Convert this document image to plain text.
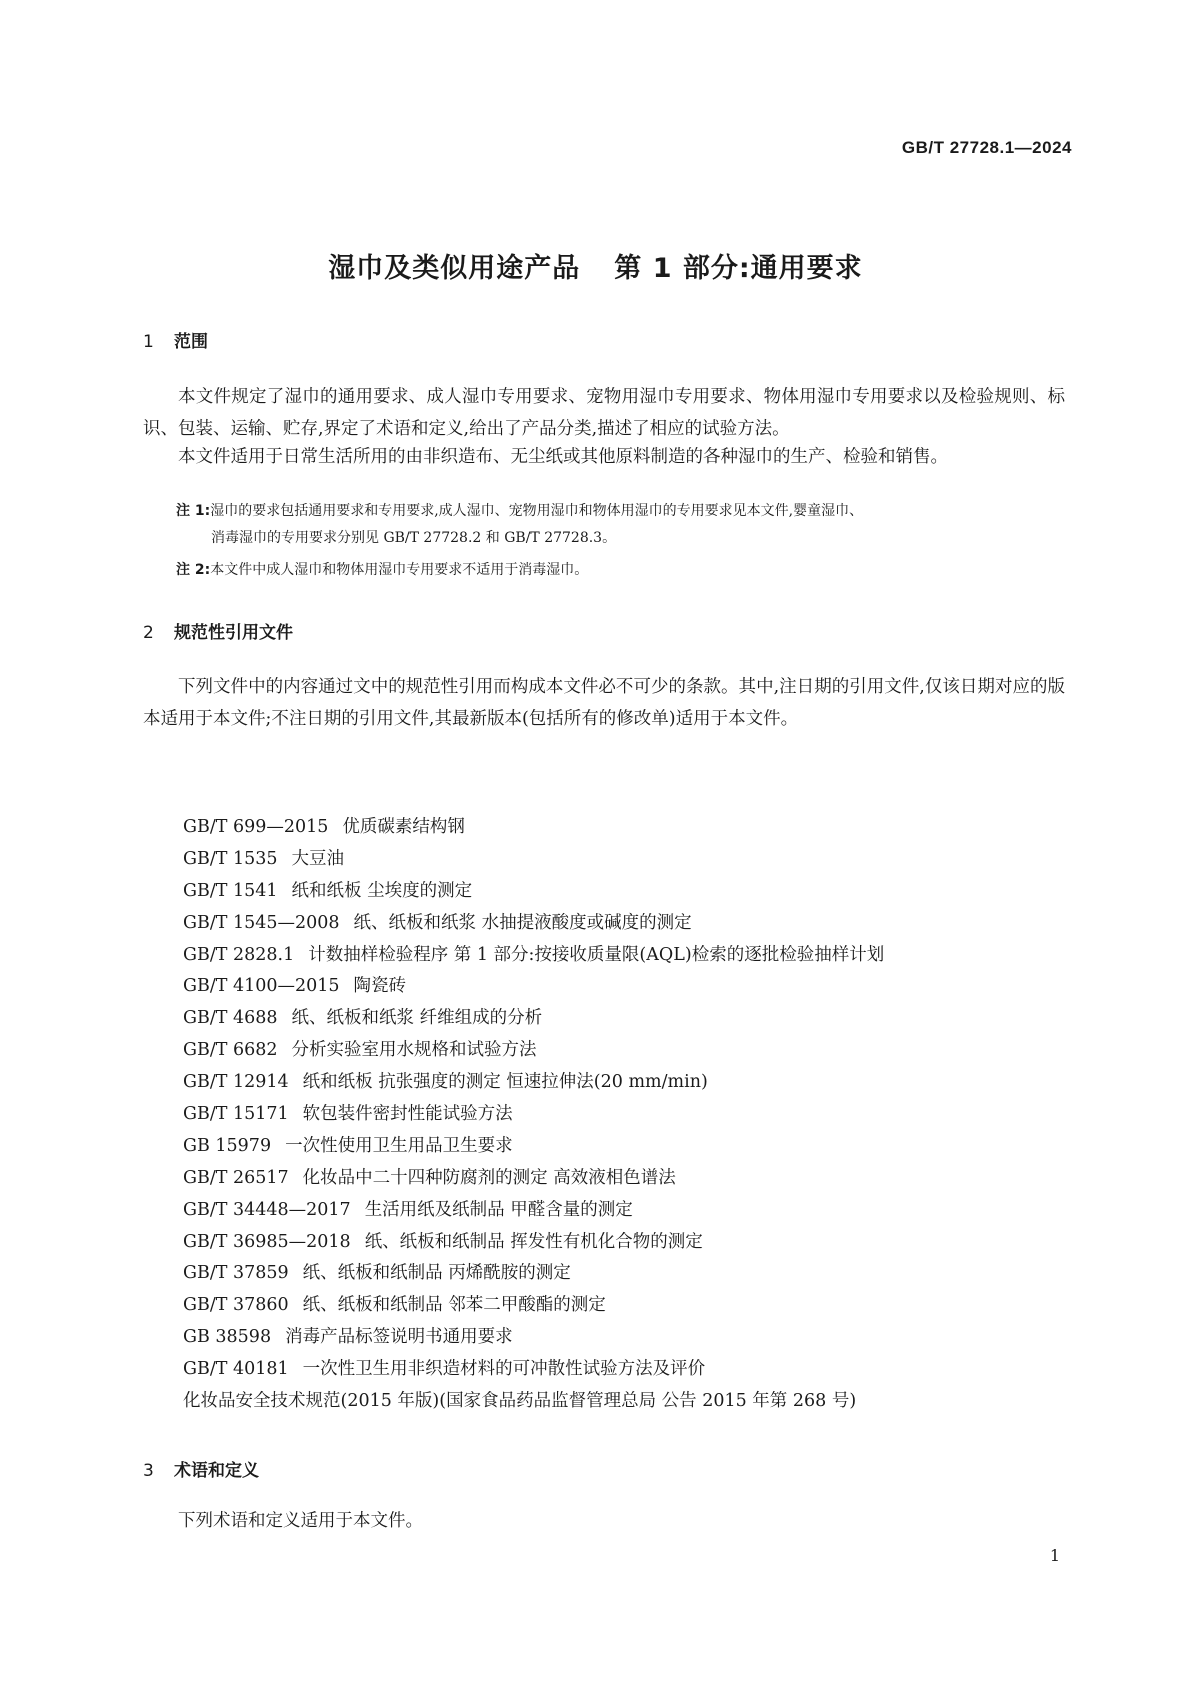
GB/T 27728.1—2024
湿巾及类似用途产品 第 1 部分:通用要求
1 范围

本文件规定了湿巾的通用要求、成人湿巾专用要求、宠物用湿巾专用要求、物体用湿巾专用要求以及检验规则、标识、包装、运输、贮存,界定了术语和定义,给出了产品分类,描述了相应的试验方法。

本文件适用于日常生活所用的由非织造布、无尘纸或其他原料制造的各种湿巾的生产、检验和销售。

注 1:湿巾的要求包括通用要求和专用要求,成人湿巾、宠物用湿巾和物体用湿巾的专用要求见本文件,婴童湿巾、
消毒湿巾的专用要求分别见 GB/T 27728.2 和 GB/T 27728.3。
注 2:本文件中成人湿巾和物体用湿巾专用要求不适用于消毒湿巾。
2 规范性引用文件

下列文件中的内容通过文中的规范性引用而构成本文件必不可少的条款。其中,注日期的引用文件,仅该日期对应的版本适用于本文件;不注日期的引用文件,其最新版本(包括所有的修改单)适用于本文件。

GB/T 699—2015 优质碳素结构钢
GB/T 1535 大豆油
GB/T 1541 纸和纸板 尘埃度的测定
GB/T 1545—2008 纸、纸板和纸浆 水抽提液酸度或碱度的测定
GB/T 2828.1 计数抽样检验程序 第 1 部分:按接收质量限(AQL)检索的逐批检验抽样计划
GB/T 4100—2015 陶瓷砖
GB/T 4688 纸、纸板和纸浆 纤维组成的分析
GB/T 6682 分析实验室用水规格和试验方法
GB/T 12914 纸和纸板 抗张强度的测定 恒速拉伸法(20 mm/min)
GB/T 15171 软包装件密封性能试验方法
GB 15979 一次性使用卫生用品卫生要求
GB/T 26517 化妆品中二十四种防腐剂的测定 高效液相色谱法
GB/T 34448—2017 生活用纸及纸制品 甲醛含量的测定
GB/T 36985—2018 纸、纸板和纸制品 挥发性有机化合物的测定
GB/T 37859 纸、纸板和纸制品 丙烯酰胺的测定
GB/T 37860 纸、纸板和纸制品 邻苯二甲酸酯的测定
GB 38598 消毒产品标签说明书通用要求
GB/T 40181 一次性卫生用非织造材料的可冲散性试验方法及评价
化妆品安全技术规范(2015 年版)(国家食品药品监督管理总局 公告 2015 年第 268 号)
3 术语和定义

下列术语和定义适用于本文件。

1
